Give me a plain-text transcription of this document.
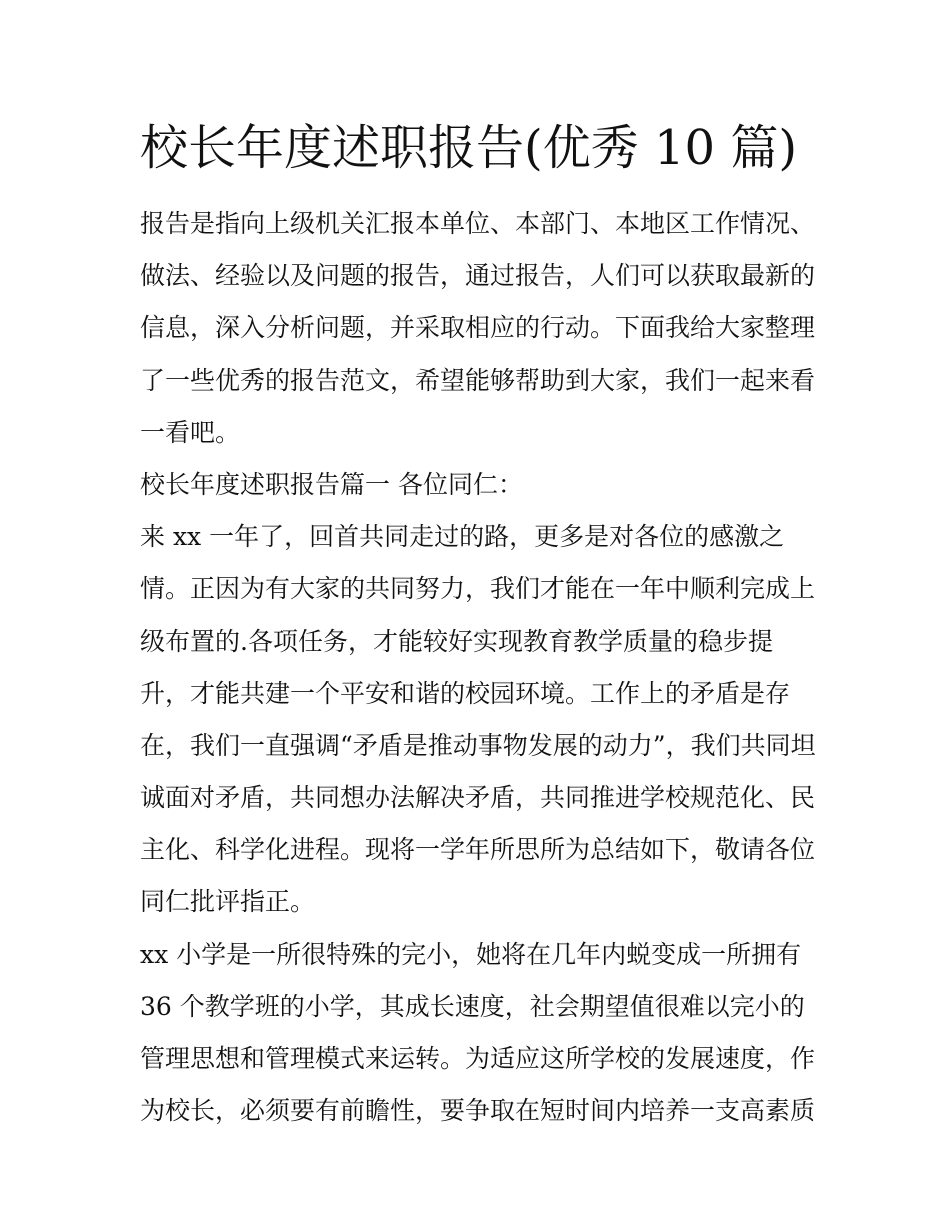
校长年度述职报告(优秀 10 篇)
报告是指向上级机关汇报本单位、本部门、本地区工作情况、
做法、经验以及问题的报告，通过报告，人们可以获取最新的
信息，深入分析问题，并采取相应的行动。下面我给大家整理
了一些优秀的报告范文，希望能够帮助到大家，我们一起来看
一看吧。
校长年度述职报告篇一 各位同仁：
来 xx 一年了，回首共同走过的路，更多是对各位的感激之
情。正因为有大家的共同努力，我们才能在一年中顺利完成上
级布置的.各项任务，才能较好实现教育教学质量的稳步提
升，才能共建一个平安和谐的校园环境。工作上的矛盾是存
在，我们一直强调“矛盾是推动事物发展的动力”，我们共同坦
诚面对矛盾，共同想办法解决矛盾，共同推进学校规范化、民
主化、科学化进程。现将一学年所思所为总结如下，敬请各位
同仁批评指正。
xx 小学是一所很特殊的完小，她将在几年内蜕变成一所拥有
36 个教学班的小学，其成长速度，社会期望值很难以完小的
管理思想和管理模式来运转。为适应这所学校的发展速度，作
为校长，必须要有前瞻性，要争取在短时间内培养一支高素质
